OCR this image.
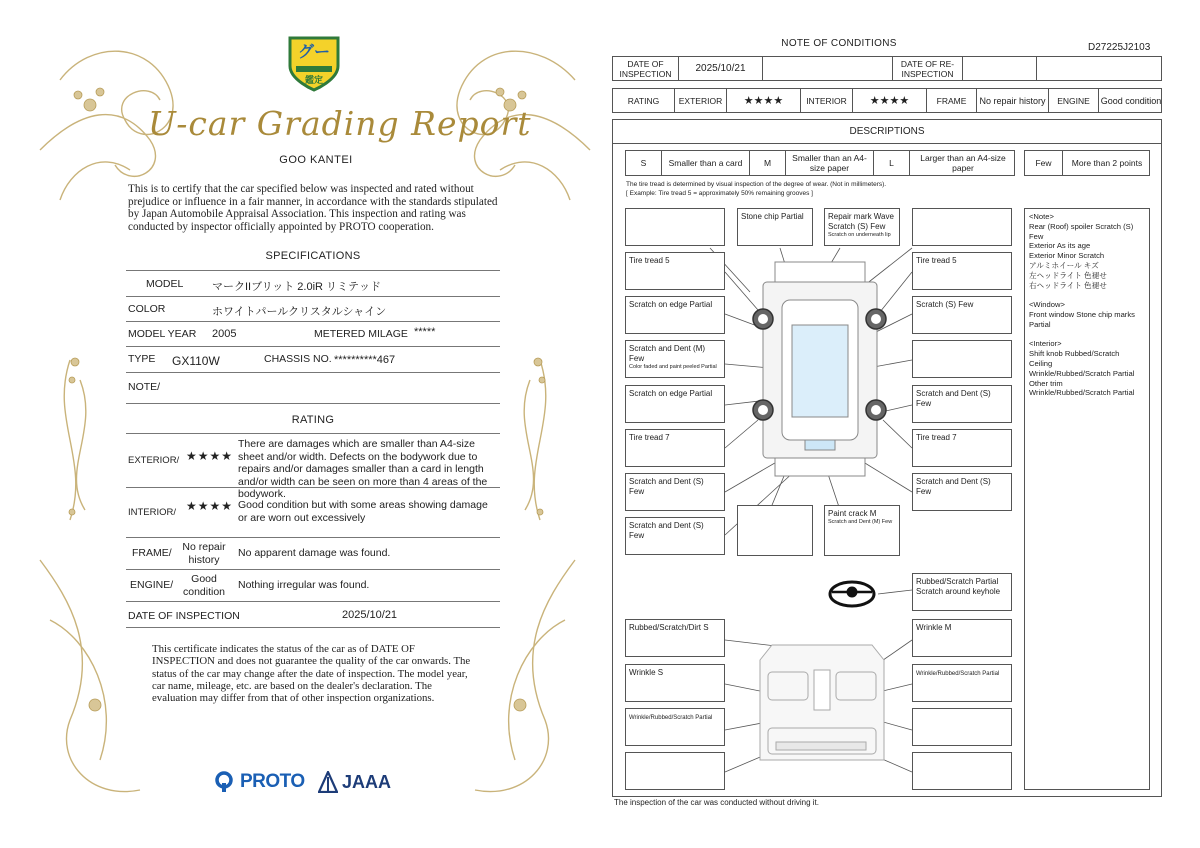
グー
鑑定
U-car Grading Report
GOO KANTEI
This is to certify that the car specified below was inspected and rated without prejudice or influence in a fair manner, in accordance with the standards stipulated by Japan Automobile Appraisal Association. This inspection and rating was conducted by inspector officially appointed by PROTO cooperation.
SPECIFICATIONS
MODEL	マークIIブリット 2.0iR リミテッド
COLOR	ホワイトパールクリスタルシャイン
MODEL YEAR 2005	METERED MILAGE *****
TYPE GX110W	CHASSIS NO. **********467
NOTE/
RATING
EXTERIOR/ ★★★★
There are damages which are smaller than A4-size sheet and/or width. Defects on the bodywork due to repairs and/or damages smaller than a card in length and/or width can be seen on more than 4 areas of the bodywork.
INTERIOR/ ★★★★ Good condition but with some areas showing damage or are worn out excessively
FRAME/	No repair history
No apparent damage was found.
ENGINE/	Good condition
Nothing irregular was found.
DATE OF INSPECTION	2025/10/21
This certificate indicates the status of the car as of DATE OF INSPECTION and does not guarantee the quality of the car onwards. The status of the car may change after the date of inspection. The model year, car name, mileage, etc. are based on the dealer's declaration. The evaluation may differ from that of other inspection organizations.
PROTO JAAA
NOTE OF CONDITIONS	D27225J2103
DATE OF INSPECTION	2025/10/21	DATE OF RE-INSPECTION
RATING	EXTERIOR	★★★★	INTERIOR	★★★★	FRAME	No repair history	ENGINE	Good condition
DESCRIPTIONS
S	Smaller than a card	M	Smaller than an A4-size paper	L	Larger than an A4-size paper	Few	More than 2 points
The tire tread is determined by visual inspection of the degree of wear. (Not in millimeters).
[ Example: Tire tread 5 = approximately 50% remaining grooves ]
Stone chip Partial	Repair mark Wave
Scratch (S) Few
Scratch on underneath lip
Tire tread 5	Tire tread 5
Scratch on edge Partial	Scratch (S) Few
Scratch and Dent (M) Few
Color faded and paint peeled Partial
Scratch on edge Partial	Scratch and Dent (S) Few
Tire tread 7	Tire tread 7
Scratch and Dent (S) Few
Scratch and Dent (S) Few
Scratch and Dent (S) Few
Paint crack M
Scratch and Dent (M) Few
Rubbed/Scratch Partial
Scratch around keyhole
Rubbed/Scratch/Dirt S	Wrinkle M
Wrinkle S	Wrinkle/Rubbed/Scratch Partial
Wrinkle/Rubbed/Scratch Partial
<Note>
Rear (Roof) spoiler Scratch (S) Few
Exterior As its age
Exterior Minor Scratch
アルミホイール キズ
左ヘッドライト 色褪せ
右ヘッドライト 色褪せ

<Window>
Front window Stone chip marks Partial

<Interior>
Shift knob Rubbed/Scratch
Ceiling
Wrinkle/Rubbed/Scratch Partial
Other trim
Wrinkle/Rubbed/Scratch Partial
The inspection of the car was conducted without driving it.
